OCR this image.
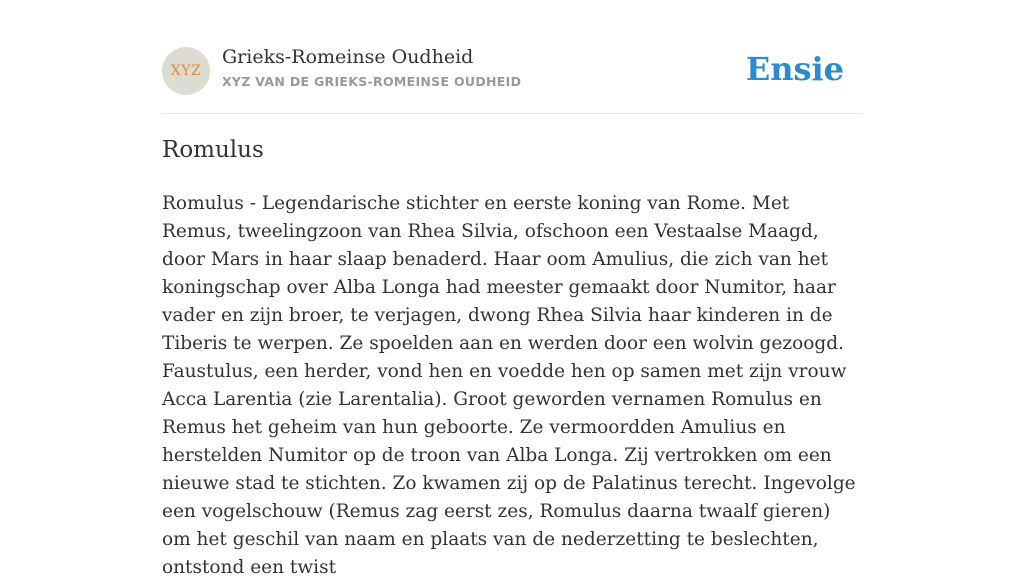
XYZ
Grieks-Romeinse Oudheid
XYZ VAN DE GRIEKS-ROMEINSE OUDHEID	Ensie
Romulus

Romulus - Legendarische stichter en eerste koning van Rome. Met Remus, tweelingzoon van Rhea Silvia, ofschoon een Vestaalse Maagd, door Mars in haar slaap benaderd. Haar oom Amulius, die zich van het koningschap over Alba Longa had meester gemaakt door Numitor, haar vader en zijn broer, te verjagen, dwong Rhea Silvia haar kinderen in de Tiberis te werpen. Ze spoelden aan en werden door een wolvin gezoogd. Faustulus, een herder, vond hen en voedde hen op samen met zijn vrouw Acca Larentia (zie Larentalia). Groot geworden vernamen Romulus en Remus het geheim van hun geboorte. Ze vermoordden Amulius en herstelden Numitor op de troon van Alba Longa. Zij vertrokken om een nieuwe stad te stichten. Zo kwamen zij op de Palatinus terecht. Ingevolge een vogelschouw (Remus zag eerst zes, Romulus daarna twaalf gieren) om het geschil van naam en plaats van de nederzetting te beslechten, ontstond een twist
